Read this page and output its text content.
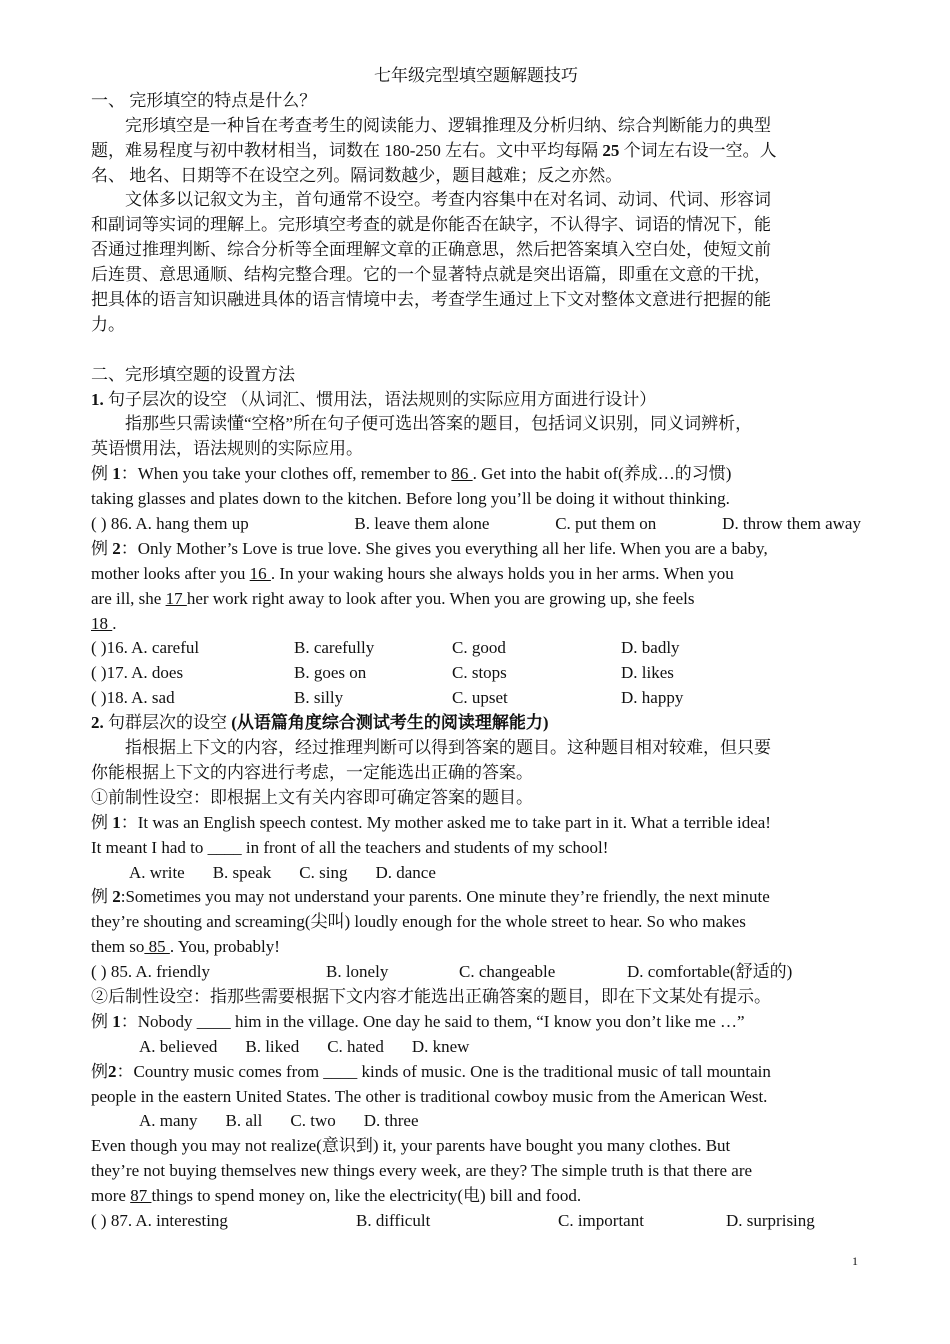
七年级完型填空题解题技巧
一、 完形填空的特点是什么？
完形填空是一种旨在考查考生的阅读能力、逻辑推理及分析归纳、综合判断能力的典型
题，难易程度与初中教材相当，词数在 180-250 左右。文中平均每隔 25 个词左右设一空。人
名、 地名、日期等不在设空之列。隔词数越少，题目越难；反之亦然。
文体多以记叙文为主，首句通常不设空。考查内容集中在对名词、动词、代词、形容词
和副词等实词的理解上。完形填空考查的就是你能否在缺字，不认得字、词语的情况下，能
否通过推理判断、综合分析等全面理解文章的正确意思，然后把答案填入空白处，使短文前
后连贯、意思通顺、结构完整合理。它的一个显著特点就是突出语篇，即重在文意的干扰，
把具体的语言知识融进具体的语言情境中去，考查学生通过上下文对整体文意进行把握的能
力。
二、完形填空题的设置方法
1. 句子层次的设空 （从词汇、惯用法，语法规则的实际应用方面进行设计）
指那些只需读懂“空格”所在句子便可选出答案的题目，包括词义识别，同义词辨析，
英语惯用法，语法规则的实际应用。
例 1：When you take your clothes off, remember to 86 . Get into the habit of(养成…的习惯)
taking glasses and plates down to the kitchen. Before long you’ll be doing it without thinking.
( ) 86. A. hang them up	B. leave them alone	C. put them on	D. throw them away
例 2：Only Mother’s Love is true love. She gives you everything all her life. When you are a baby,
mother looks after you 16 . In your waking hours she always holds you in her arms. When you
are ill, she 17 her work right away to look after you. When you are growing up, she feels
18 .
( )16. A. careful	B. carefully	C. good	D. badly
( )17. A. does	B. goes on	C. stops	D. likes
( )18. A. sad	B. silly	C. upset	D. happy
2. 句群层次的设空 (从语篇角度综合测试考生的阅读理解能力)
指根据上下文的内容，经过推理判断可以得到答案的题目。这种题目相对较难，但只要
你能根据上下文的内容进行考虑，一定能选出正确的答案。
①前制性设空：即根据上文有关内容即可确定答案的题目。
例 1：It was an English speech contest. My mother asked me to take part in it. What a terrible idea!
It meant I had to ____ in front of all the teachers and students of my school!
A. write B. speak C. sing D. dance
例 2:Sometimes you may not understand your parents. One minute they’re friendly, the next minute
they’re shouting and screaming(尖叫) loudly enough for the whole street to hear. So who makes
them so 85 . You, probably!
( ) 85. A. friendly	B. lonely	C. changeable	D. comfortable(舒适的)
②后制性设空：指那些需要根据下文内容才能选出正确答案的题目，即在下文某处有提示。
例 1：Nobody ____ him in the village. One day he said to them, “I know you don’t like me …”
A. believed B. liked C. hated D. knew
例2：Country music comes from ____ kinds of music. One is the traditional music of tall mountain
people in the eastern United States. The other is traditional cowboy music from the American West.
A. many B. all C. two D. three
Even though you may not realize(意识到) it, your parents have bought you many clothes. But
they’re not buying themselves new things every week, are they? The simple truth is that there are
more 87 things to spend money on, like the electricity(电) bill and food.
( ) 87. A. interesting	B. difficult	C. important	D. surprising
1
